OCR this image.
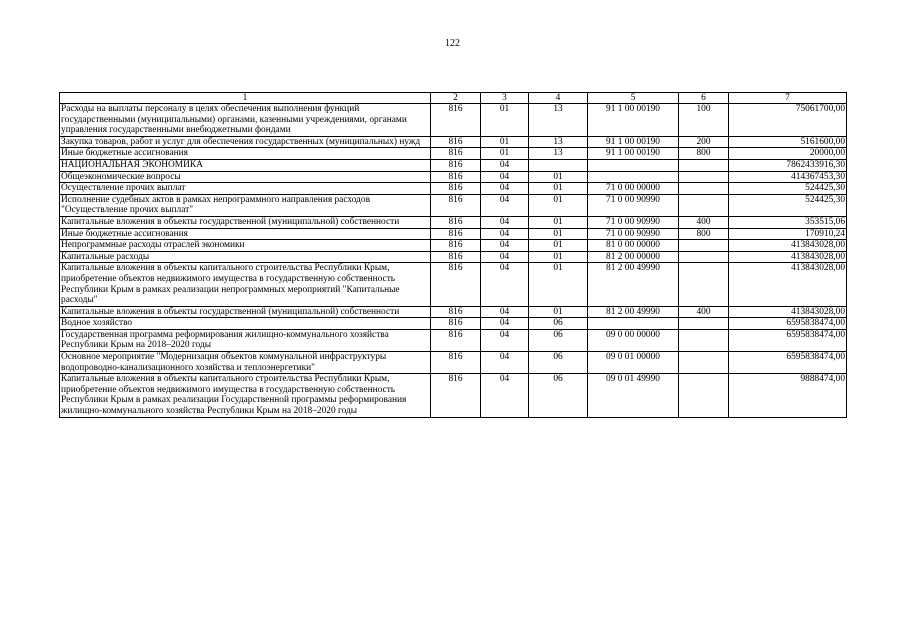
122
1	2	3	4	5	6	7
Расходы на выплаты персоналу в целях обеспечения выполнения функций государственными (муниципальными) органами, казенными учреждениями, органами управления государственными внебюджетными фондами	816	01	13	91 1 00 00190	100	75061700,00
Закупка товаров, работ и услуг для обеспечения государственных (муниципальных) нужд	816	01	13	91 1 00 00190	200	5161600,00
Иные бюджетные ассигнования	816	01	13	91 1 00 00190	800	20000,00
НАЦИОНАЛЬНАЯ ЭКОНОМИКА	816	04				7862433916,30
Общеэкономические вопросы	816	04	01			414367453,30
Осуществление прочих выплат	816	04	01	71 0 00 00000		524425,30
Исполнение судебных актов в рамках непрограммного направления расходов "Осуществление прочих выплат"	816	04	01	71 0 00 90990		524425,30
Капитальные вложения в объекты государственной (муниципальной) собственности	816	04	01	71 0 00 90990	400	353515,06
Иные бюджетные ассигнования	816	04	01	71 0 00 90990	800	170910,24
Непрограммные расходы отраслей экономики	816	04	01	81 0 00 00000		413843028,00
Капитальные расходы	816	04	01	81 2 00 00000		413843028,00
Капитальные вложения в объекты капитального строительства Республики Крым, приобретение объектов недвижимого имущества в государственную собственность Республики Крым в рамках реализации непрограммных мероприятий "Капитальные расходы"	816	04	01	81 2 00 49990		413843028,00
Капитальные вложения в объекты государственной (муниципальной) собственности	816	04	01	81 2 00 49990	400	413843028,00
Водное хозяйство	816	04	06			6595838474,00
Государственная программа реформирования жилищно-коммунального хозяйства Республики Крым на 2018–2020 годы	816	04	06	09 0 00 00000		6595838474,00
Основное мероприятие "Модернизация объектов коммунальной инфраструктуры водопроводно-канализационного хозяйства и теплоэнергетики"	816	04	06	09 0 01 00000		6595838474,00
Капитальные вложения в объекты капитального строительства Республики Крым, приобретение объектов недвижимого имущества в государственную собственность Республики Крым в рамках реализации Государственной программы реформирования жилищно-коммунального хозяйства Республики Крым на 2018–2020 годы	816	04	06	09 0 01 49990		9888474,00
